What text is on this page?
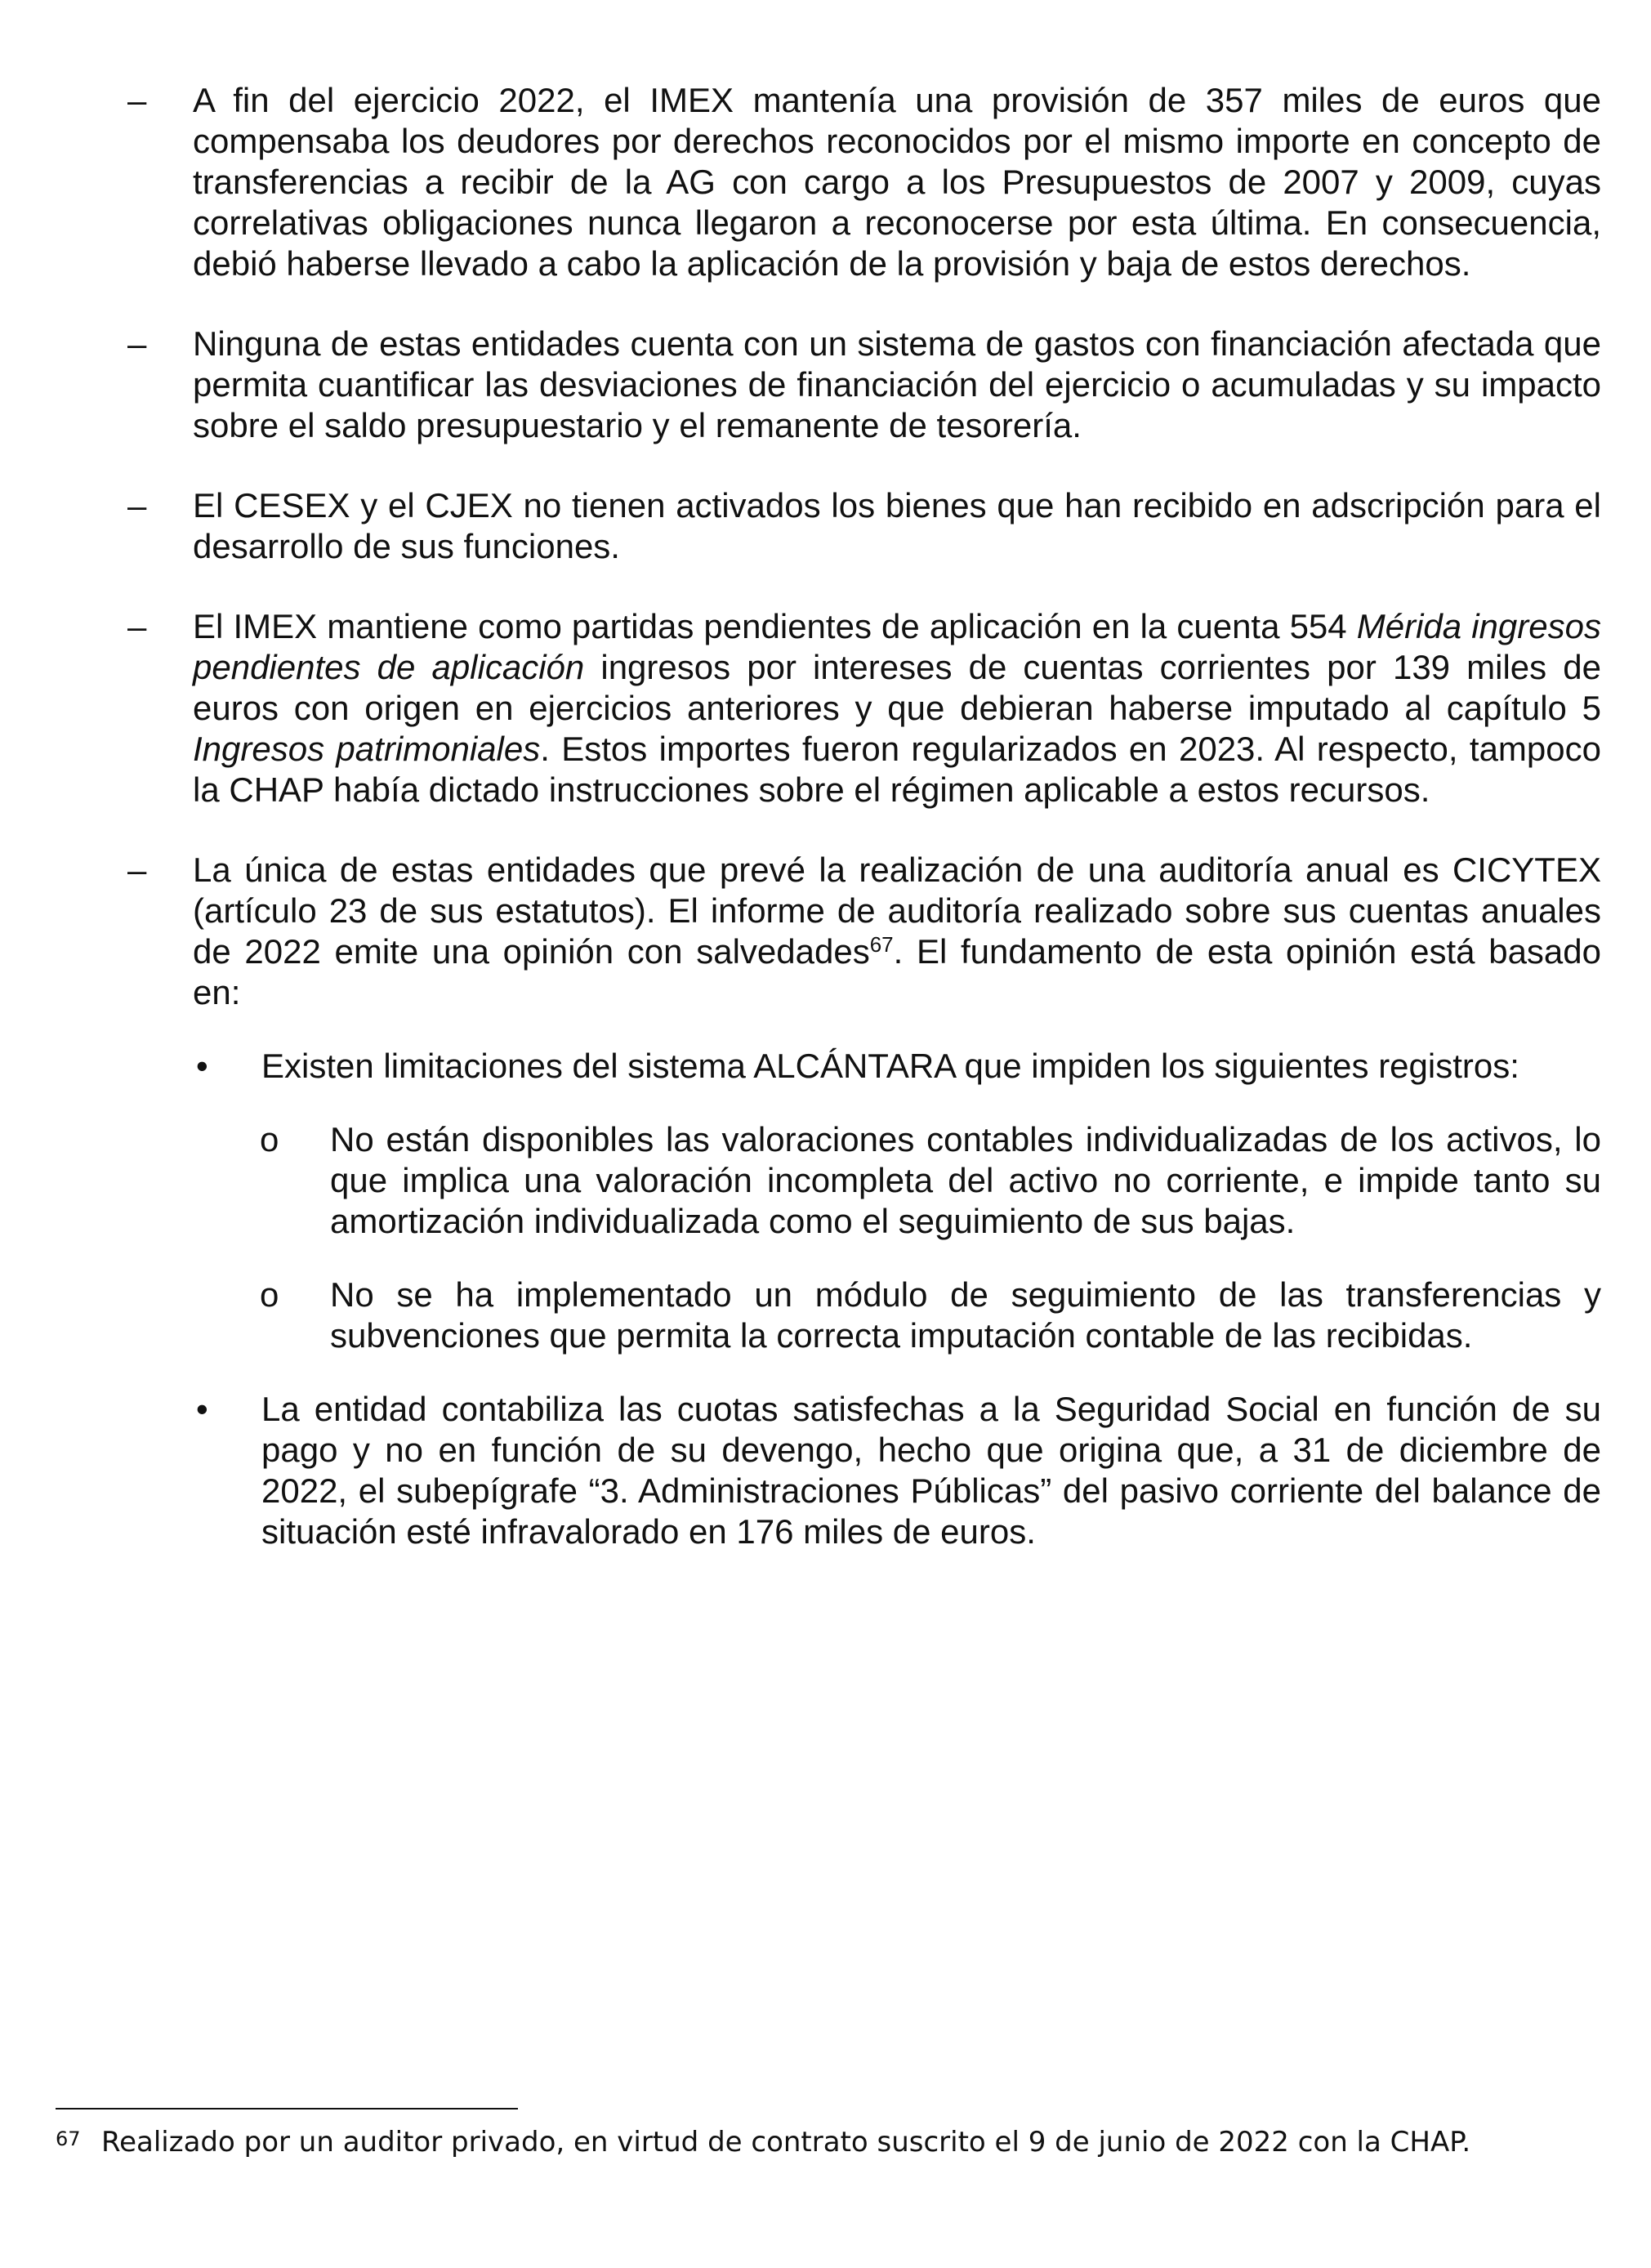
–	A fin del ejercicio 2022, el IMEX mantenía una provisión de 357 miles de euros que compensaba los deudores por derechos reconocidos por el mismo importe en concepto de transferencias a recibir de la AG con cargo a los Presupuestos de 2007 y 2009, cuyas correlativas obligaciones nunca llegaron a reconocerse por esta última. En consecuencia, debió haberse llevado a cabo la aplicación de la provisión y baja de estos derechos.
–	Ninguna de estas entidades cuenta con un sistema de gastos con financiación afectada que permita cuantificar las desviaciones de financiación del ejercicio o acumuladas y su impacto sobre el saldo presupuestario y el remanente de tesorería.
–	El CESEX y el CJEX no tienen activados los bienes que han recibido en adscripción para el desarrollo de sus funciones.
–	El IMEX mantiene como partidas pendientes de aplicación en la cuenta 554 Mérida ingresos pendientes de aplicación ingresos por intereses de cuentas corrientes por 139 miles de euros con origen en ejercicios anteriores y que debieran haberse imputado al capítulo 5 Ingresos patrimoniales. Estos importes fueron regularizados en 2023. Al respecto, tampoco la CHAP había dictado instrucciones sobre el régimen aplicable a estos recursos.
–	La única de estas entidades que prevé la realización de una auditoría anual es CICYTEX (artículo 23 de sus estatutos). El informe de auditoría realizado sobre sus cuentas anuales de 2022 emite una opinión con salvedades$^{67}$. El fundamento de esta opinión está basado en:
• Existen limitaciones del sistema ALCÁNTARA que impiden los siguientes registros:
o No están disponibles las valoraciones contables individualizadas de los activos, lo que implica una valoración incompleta del activo no corriente, e impide tanto su amortización individualizada como el seguimiento de sus bajas.
o No se ha implementado un módulo de seguimiento de las transferencias y subvenciones que permita la correcta imputación contable de las recibidas.
• La entidad contabiliza las cuotas satisfechas a la Seguridad Social en función de su pago y no en función de su devengo, hecho que origina que, a 31 de diciembre de 2022, el subepígrafe “3. Administraciones Públicas” del pasivo corriente del balance de situación esté infravalorado en 176 miles de euros.
67 Realizado por un auditor privado, en virtud de contrato suscrito el 9 de junio de 2022 con la CHAP.
